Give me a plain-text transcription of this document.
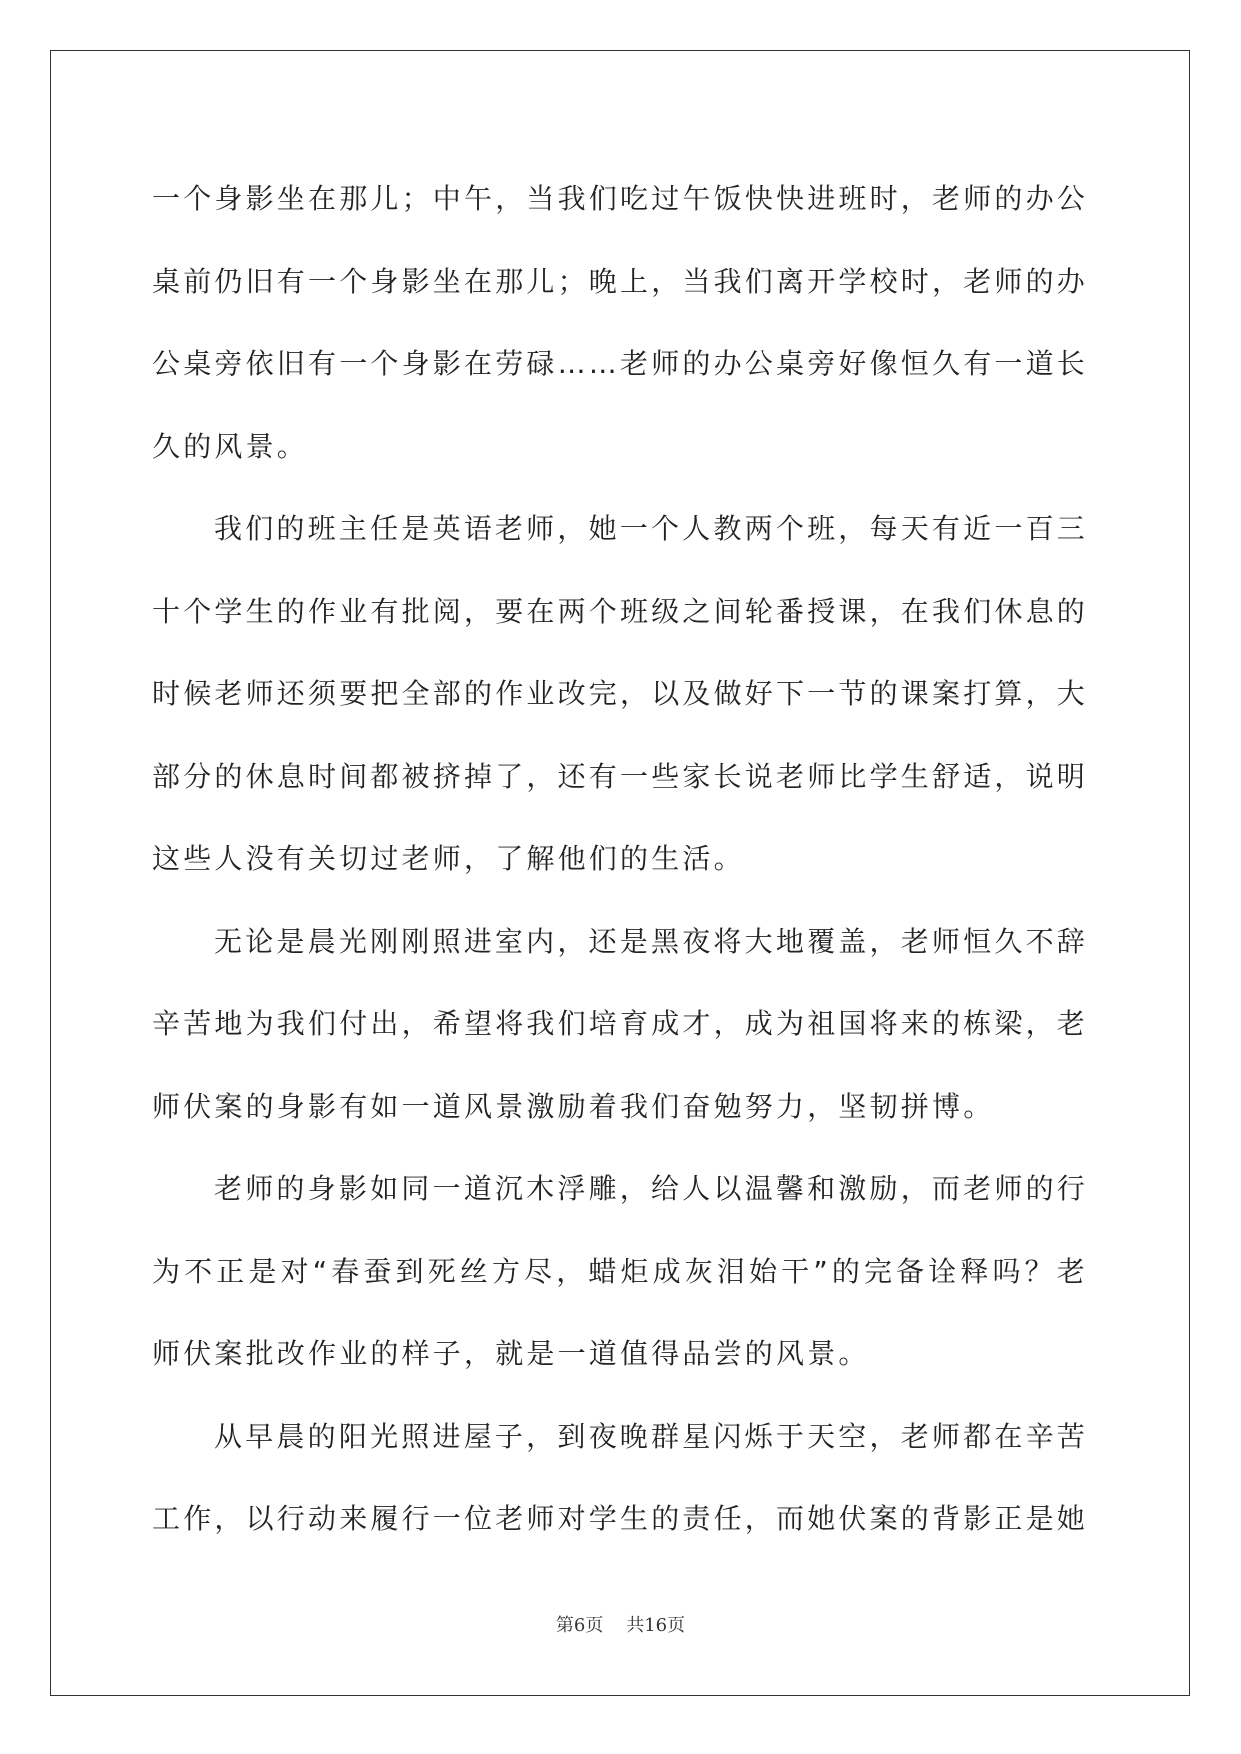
一个身影坐在那儿；中午，当我们吃过午饭快快进班时，老师的办公桌前仍旧有一个身影坐在那儿；晚上，当我们离开学校时，老师的办公桌旁依旧有一个身影在劳碌……老师的办公桌旁好像恒久有一道长久的风景。

我们的班主任是英语老师，她一个人教两个班，每天有近一百三十个学生的作业有批阅，要在两个班级之间轮番授课，在我们休息的时候老师还须要把全部的作业改完，以及做好下一节的课案打算，大部分的休息时间都被挤掉了，还有一些家长说老师比学生舒适，说明这些人没有关切过老师，了解他们的生活。

无论是晨光刚刚照进室内，还是黑夜将大地覆盖，老师恒久不辞辛苦地为我们付出，希望将我们培育成才，成为祖国将来的栋梁，老师伏案的身影有如一道风景激励着我们奋勉努力，坚韧拼博。

老师的身影如同一道沉木浮雕，给人以温馨和激励，而老师的行为不正是对“春蚕到死丝方尽，蜡炬成灰泪始干”的完备诠释吗？老师伏案批改作业的样子，就是一道值得品尝的风景。

从早晨的阳光照进屋子，到夜晚群星闪烁于天空，老师都在辛苦工作，以行动来履行一位老师对学生的责任，而她伏案的背影正是她

第6页 共16页
